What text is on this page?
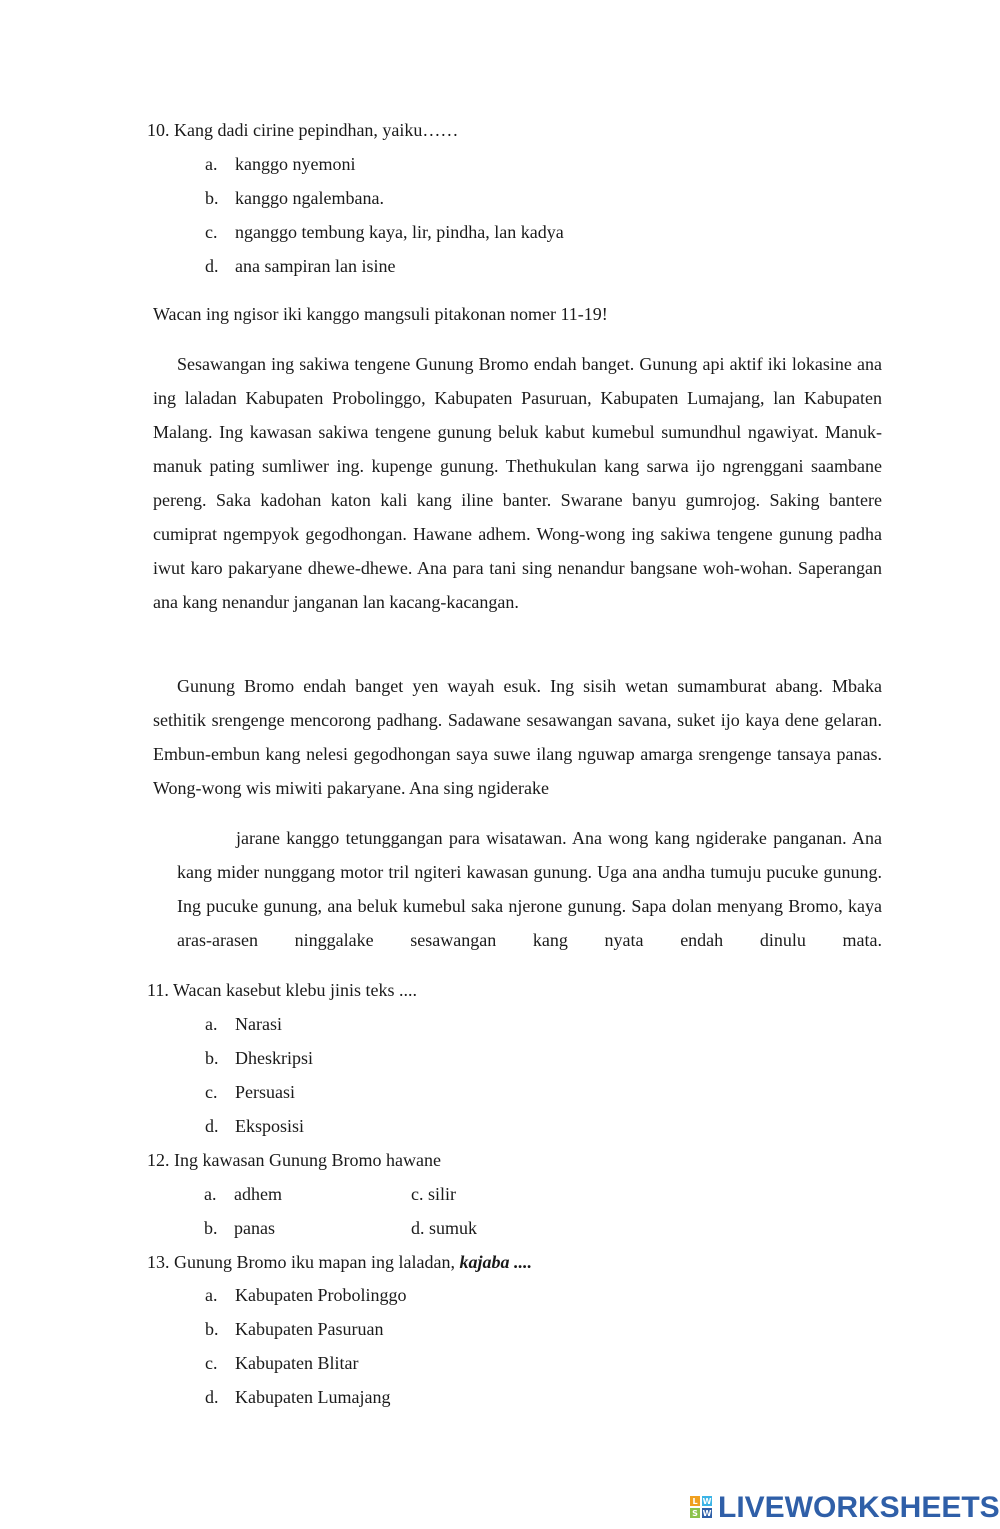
10. Kang dadi cirine pepindhan, yaiku……
a. kanggo nyemoni
b. kanggo ngalembana.
c. nganggo tembung kaya, lir, pindha, lan kadya
d. ana sampiran lan isine
Wacan ing ngisor iki kanggo mangsuli pitakonan nomer 11-19!

Sesawangan ing sakiwa tengene Gunung Bromo endah banget. Gunung api aktif iki lokasine ana ing laladan Kabupaten Probolinggo, Kabupaten Pasuruan, Kabupaten Lumajang, lan Kabupaten Malang. Ing kawasan sakiwa tengene gunung beluk kabut kumebul sumundhul ngawiyat. Manuk-manuk pating sumliwer ing. kupenge gunung. Thethukulan kang sarwa ijo ngrenggani saambane pereng. Saka kadohan katon kali kang iline banter. Swarane banyu gumrojog. Saking bantere cumiprat ngempyok gegodhongan. Hawane adhem. Wong-wong ing sakiwa tengene gunung padha iwut karo pakaryane dhewe-dhewe. Ana para tani sing nenandur bangsane woh-wohan. Saperangan ana kang nenandur janganan lan kacang-kacangan.

Gunung Bromo endah banget yen wayah esuk. Ing sisih wetan sumamburat abang. Mbaka sethitik srengenge mencorong padhang. Sadawane sesawangan savana, suket ijo kaya dene gelaran. Embun-embun kang nelesi gegodhongan saya suwe ilang nguwap amarga srengenge tansaya panas. Wong-wong wis miwiti pakaryane. Ana sing ngiderake

jarane kanggo tetunggangan para wisatawan. Ana wong kang ngiderake panganan. Ana kang mider nunggang motor tril ngiteri kawasan gunung. Uga ana andha tumuju pucuke gunung. Ing pucuke gunung, ana beluk kumebul saka njerone gunung. Sapa dolan menyang Bromo, kaya aras-arasen ninggalake sesawangan kang nyata endah dinulu mata.

11. Wacan kasebut klebu jinis teks ....
a. Narasi
b. Dheskripsi
c. Persuasi
d. Eksposisi
12. Ing kawasan Gunung Bromo hawane
a. adhem
b. panas
c. silir
d. sumuk
13. Gunung Bromo iku mapan ing laladan, kajaba ....
a. Kabupaten Probolinggo
b. Kabupaten Pasuruan
c. Kabupaten Blitar
d. Kabupaten Lumajang
L W
S W LIVEWORKSHEETS
